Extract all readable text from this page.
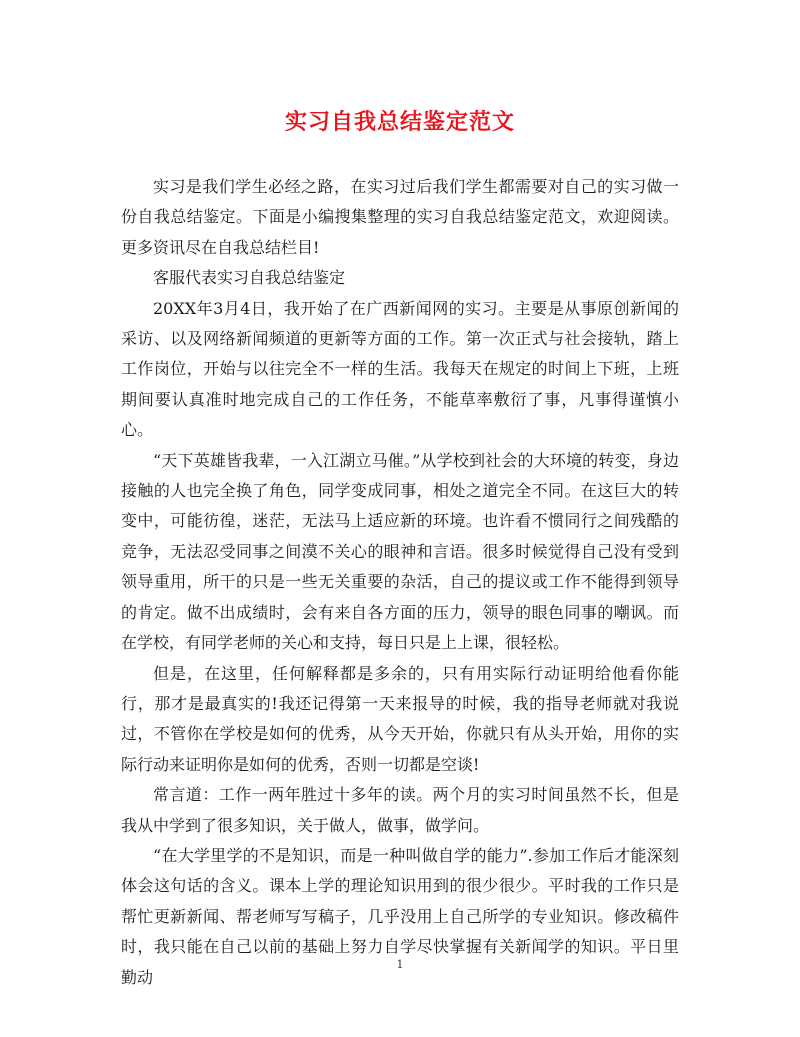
实习自我总结鉴定范文

实习是我们学生必经之路，在实习过后我们学生都需要对自己的实习做一份自我总结鉴定。下面是小编搜集整理的实习自我总结鉴定范文，欢迎阅读。更多资讯尽在自我总结栏目!

客服代表实习自我总结鉴定

20XX年3月4日，我开始了在广西新闻网的实习。主要是从事原创新闻的采访、以及网络新闻频道的更新等方面的工作。第一次正式与社会接轨，踏上工作岗位，开始与以往完全不一样的生活。我每天在规定的时间上下班，上班期间要认真准时地完成自己的工作任务，不能草率敷衍了事，凡事得谨慎小心。

“天下英雄皆我辈，一入江湖立马催。”从学校到社会的大环境的转变，身边接触的人也完全换了角色，同学变成同事，相处之道完全不同。在这巨大的转变中，可能彷徨，迷茫，无法马上适应新的环境。也许看不惯同行之间残酷的竞争，无法忍受同事之间漠不关心的眼神和言语。很多时候觉得自己没有受到领导重用，所干的只是一些无关重要的杂活，自己的提议或工作不能得到领导的肯定。做不出成绩时，会有来自各方面的压力，领导的眼色同事的嘲讽。而在学校，有同学老师的关心和支持，每日只是上上课，很轻松。

但是，在这里，任何解释都是多余的，只有用实际行动证明给他看你能行，那才是最真实的!我还记得第一天来报导的时候，我的指导老师就对我说过，不管你在学校是如何的优秀，从今天开始，你就只有从头开始，用你的实际行动来证明你是如何的优秀，否则一切都是空谈!

常言道：工作一两年胜过十多年的读。两个月的实习时间虽然不长，但是我从中学到了很多知识，关于做人，做事，做学问。

“在大学里学的不是知识，而是一种叫做自学的能力”.参加工作后才能深刻体会这句话的含义。课本上学的理论知识用到的很少很少。平时我的工作只是帮忙更新新闻、帮老师写写稿子，几乎没用上自己所学的专业知识。修改稿件时，我只能在自己以前的基础上努力自学尽快掌握有关新闻学的知识。平日里勤动

1
